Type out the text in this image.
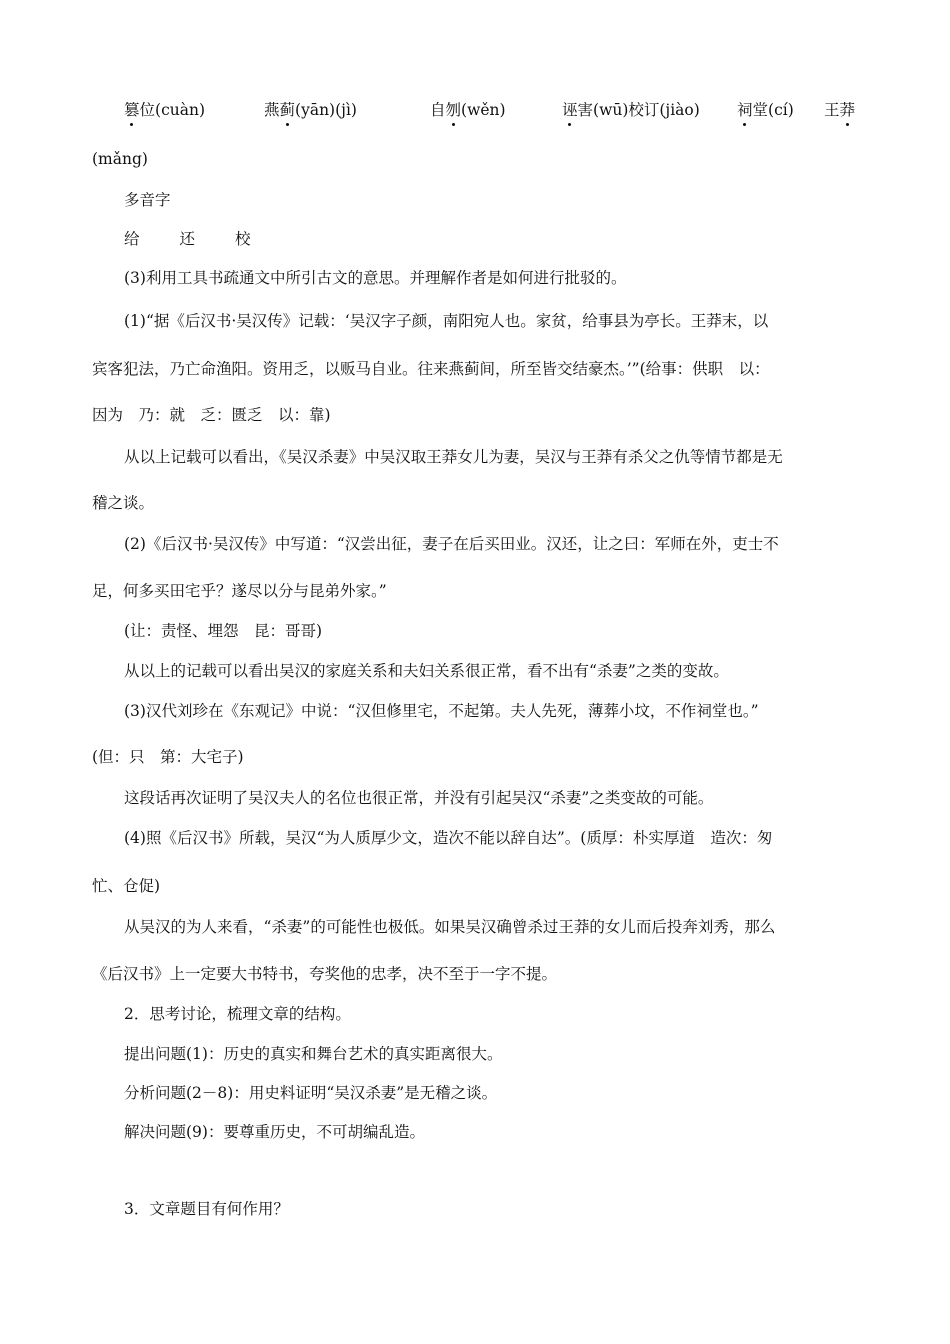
篡位(cuàn)	燕蓟(yān)(jì)	自刎(wěn)	诬害(wū)校订(jiào) 祠堂(cí) 王莽
(mǎng)
多音字
给	还	校
(3)利用工具书疏通文中所引古文的意思。并理解作者是如何进行批驳的。
(1)“据《后汉书·吴汉传》记载：‘吴汉字子颜，南阳宛人也。家贫，给事县为亭长。王莽末，以
宾客犯法，乃亡命渔阳。资用乏，以贩马自业。往来燕蓟间，所至皆交结豪杰。’”(给事：供职　以：
因为　乃：就　乏：匮乏　以：靠)
从以上记载可以看出，《吴汉杀妻》中吴汉取王莽女儿为妻，吴汉与王莽有杀父之仇等情节都是无
稽之谈。
(2)《后汉书·吴汉传》中写道：“汉尝出征，妻子在后买田业。汉还，让之曰：军师在外，吏士不
足，何多买田宅乎？遂尽以分与昆弟外家。”
(让：责怪、埋怨　昆：哥哥)
从以上的记载可以看出吴汉的家庭关系和夫妇关系很正常，看不出有“杀妻”之类的变故。
(3)汉代刘珍在《东观记》中说：“汉但修里宅，不起第。夫人先死，薄葬小坟，不作祠堂也。”
(但：只　第：大宅子)
这段话再次证明了吴汉夫人的名位也很正常，并没有引起吴汉“杀妻”之类变故的可能。
(4)照《后汉书》所载，吴汉“为人质厚少文，造次不能以辞自达”。(质厚：朴实厚道　造次：匆
忙、仓促)
从吴汉的为人来看，“杀妻”的可能性也极低。如果吴汉确曾杀过王莽的女儿而后投奔刘秀，那么
《后汉书》上一定要大书特书，夸奖他的忠孝，决不至于一字不提。
2．思考讨论，梳理文章的结构。
提出问题(1)：历史的真实和舞台艺术的真实距离很大。
分析问题(2－8)：用史料证明“吴汉杀妻”是无稽之谈。
解决问题(9)：要尊重历史，不可胡编乱造。
3．文章题目有何作用？
